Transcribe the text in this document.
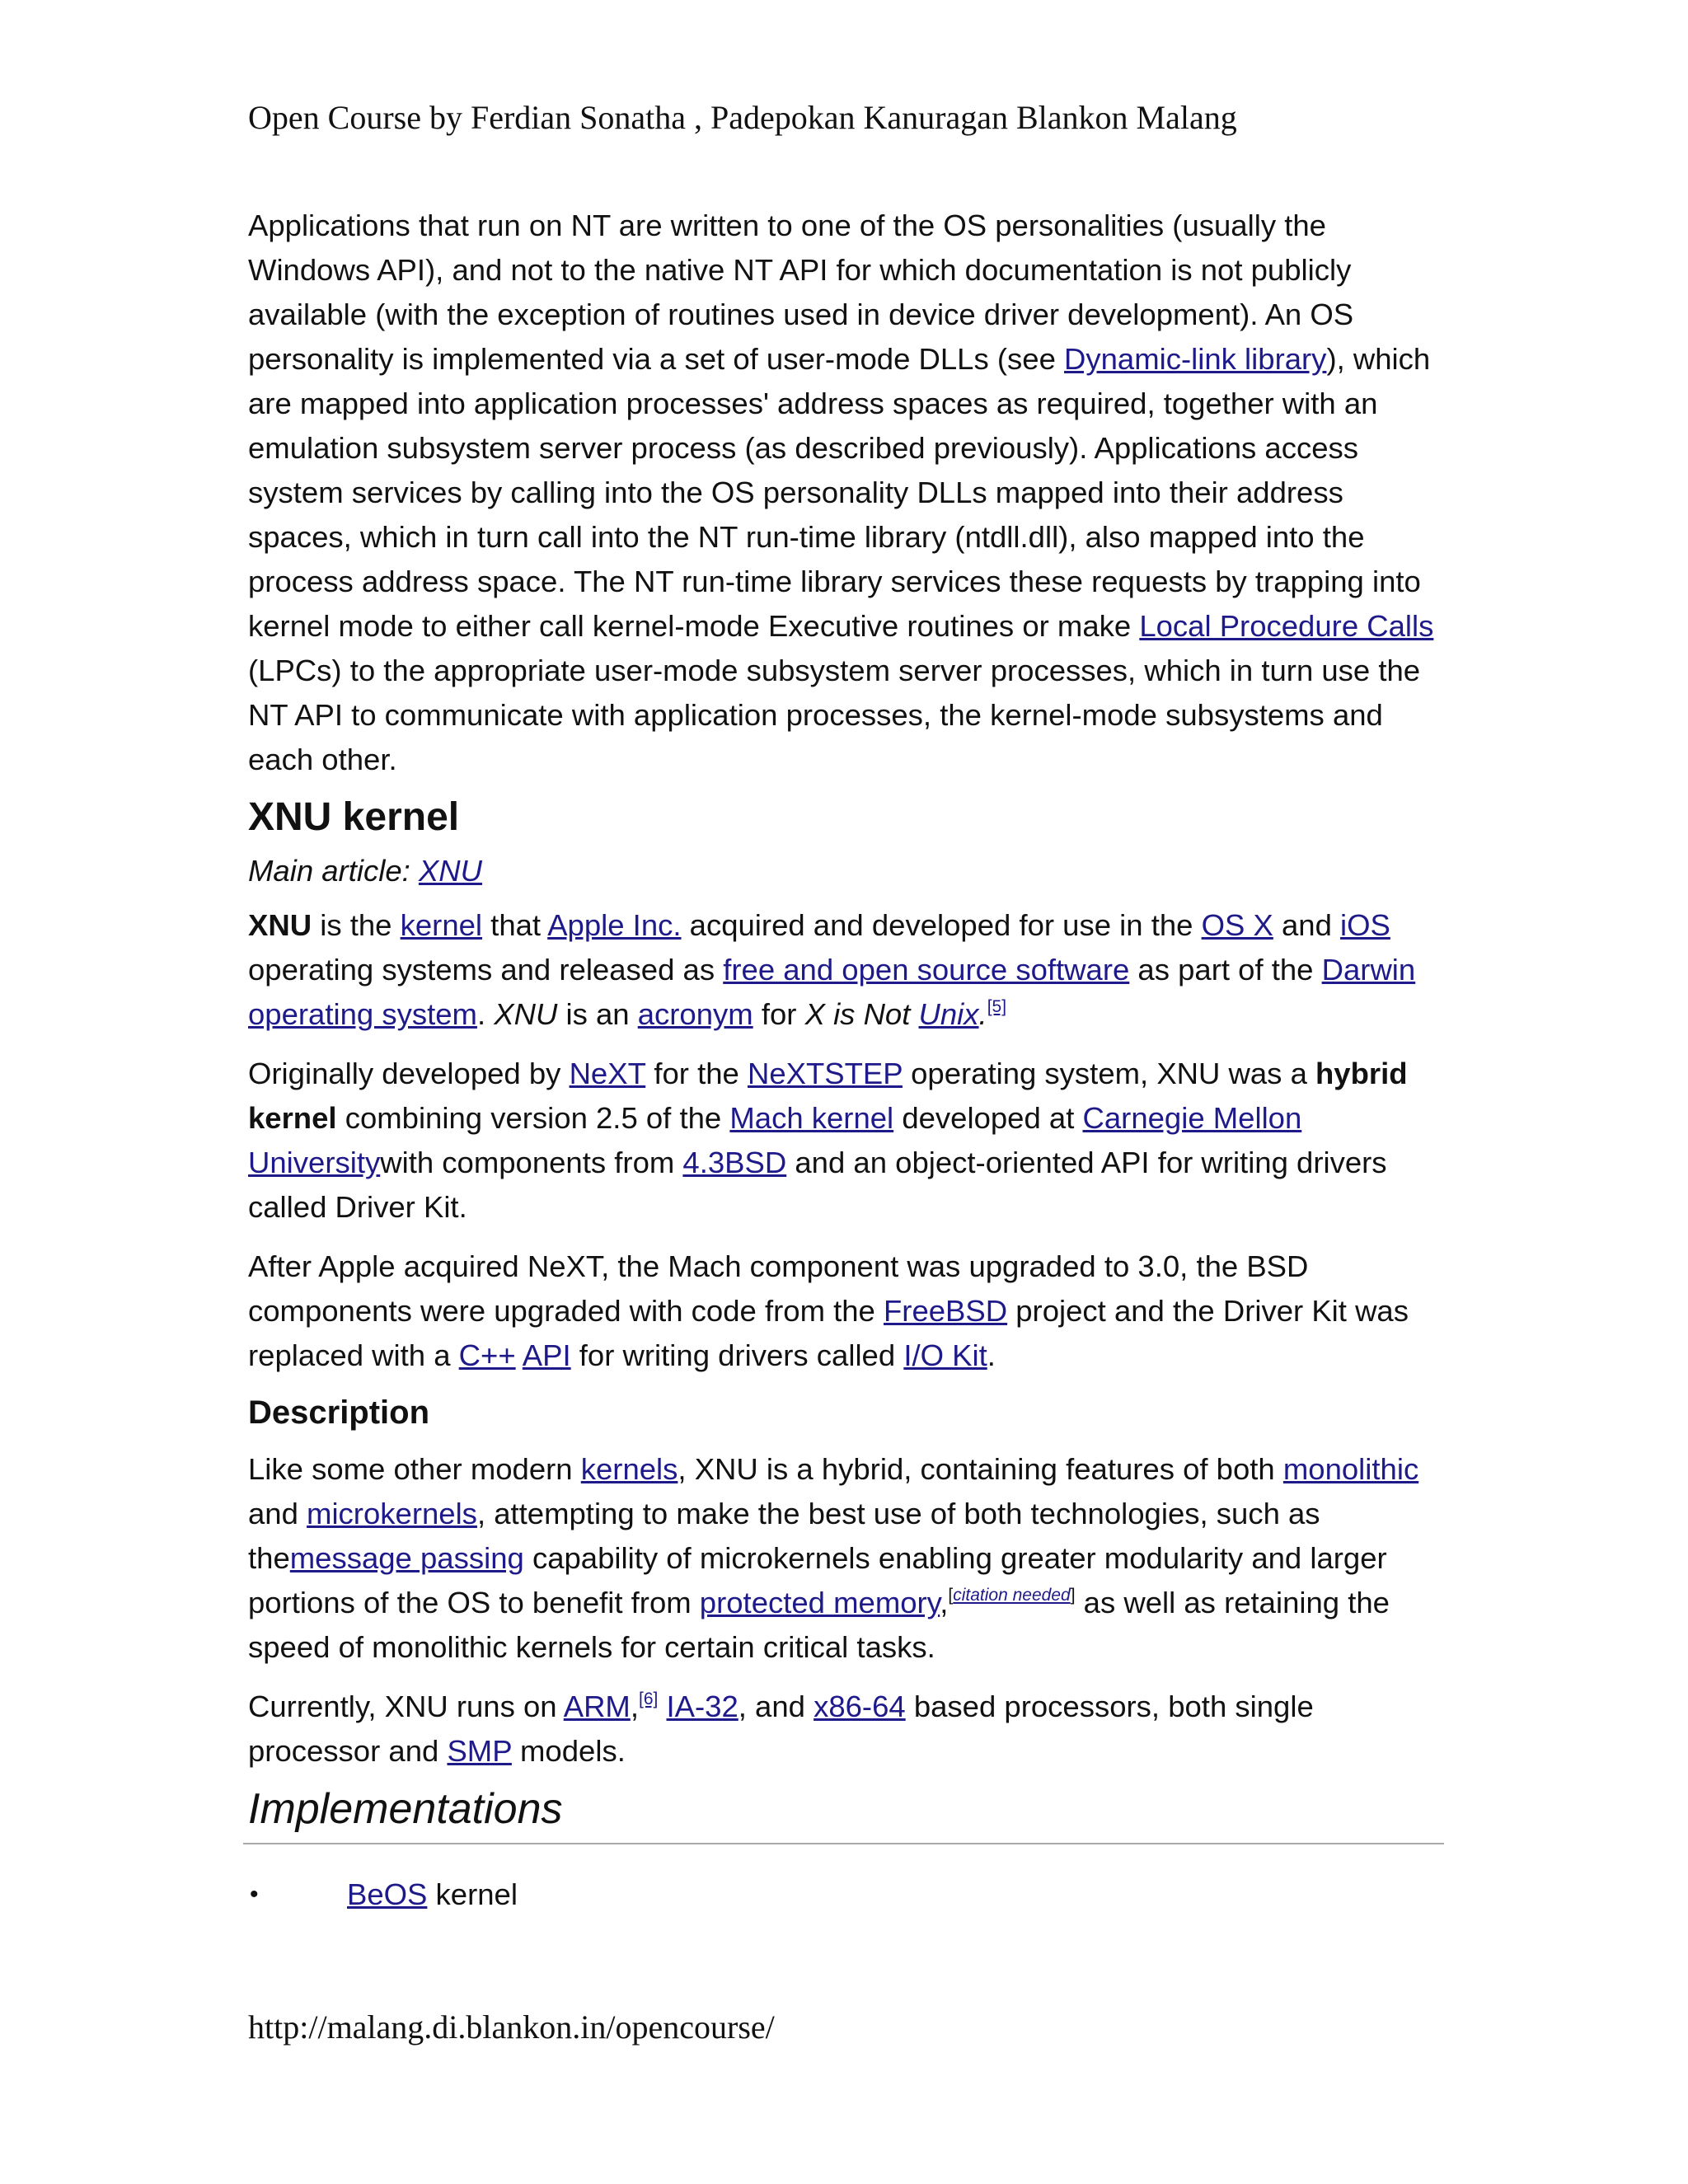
Open Course by Ferdian Sonatha , Padepokan Kanuragan Blankon Malang

Applications that run on NT are written to one of the OS personalities (usually the Windows API), and not to the native NT API for which documentation is not publicly available (with the exception of routines used in device driver development). An OS personality is implemented via a set of user-mode DLLs (see Dynamic-link library), which are mapped into application processes' address spaces as required, together with an emulation subsystem server process (as described previously). Applications access system services by calling into the OS personality DLLs mapped into their address spaces, which in turn call into the NT run-time library (ntdll.dll), also mapped into the process address space. The NT run-time library services these requests by trapping into kernel mode to either call kernel-mode Executive routines or make Local Procedure Calls (LPCs) to the appropriate user-mode subsystem server processes, which in turn use the NT API to communicate with application processes, the kernel-mode subsystems and each other.

XNU kernel

Main article: XNU

XNU is the kernel that Apple Inc. acquired and developed for use in the OS X and iOS operating systems and released as free and open source software as part of the Darwin operating system. XNU is an acronym for X is Not Unix.[5]

Originally developed by NeXT for the NeXTSTEP operating system, XNU was a hybrid kernel combining version 2.5 of the Mach kernel developed at Carnegie Mellon Universitywith components from 4.3BSD and an object-oriented API for writing drivers called Driver Kit.

After Apple acquired NeXT, the Mach component was upgraded to 3.0, the BSD components were upgraded with code from the FreeBSD project and the Driver Kit was replaced with a C++ API for writing drivers called I/O Kit.

Description

Like some other modern kernels, XNU is a hybrid, containing features of both monolithic and microkernels, attempting to make the best use of both technologies, such as themessage passing capability of microkernels enabling greater modularity and larger portions of the OS to benefit from protected memory,[citation needed] as well as retaining the speed of monolithic kernels for certain critical tasks.

Currently, XNU runs on ARM,[6] IA-32, and x86-64 based processors, both single processor and SMP models.

Implementations
•	BeOS kernel
http://malang.di.blankon.in/opencourse/
